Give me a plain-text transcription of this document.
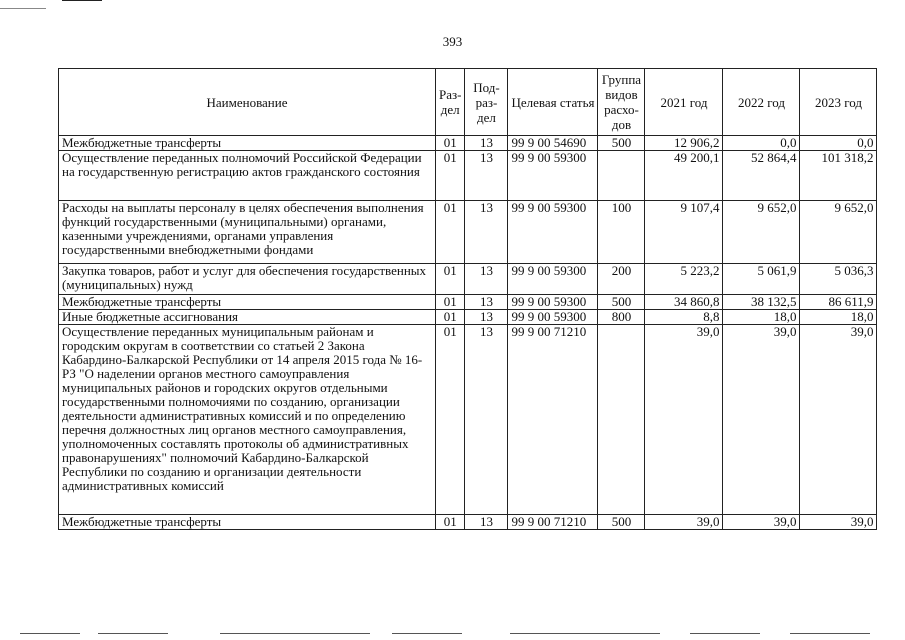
393
Наименование	Раз-дел	Под-раз-дел	Целевая статья	Группа видов расхо-дов	2021 год	2022 год	2023 год
Межбюджетные трансферты	01	13	99 9 00 54690	500	12 906,2	0,0	0,0
Осуществление переданных полномочий Российской Федерации на государственную регистрацию актов гражданского состояния	01	13	99 9 00 59300		49 200,1	52 864,4	101 318,2
Расходы на выплаты персоналу в целях обеспечения выполнения функций государственными (муниципальными) органами, казенными учреждениями, органами управления государственными внебюджетными фондами	01	13	99 9 00 59300	100	9 107,4	9 652,0	9 652,0
Закупка товаров, работ и услуг для обеспечения государственных (муниципальных) нужд	01	13	99 9 00 59300	200	5 223,2	5 061,9	5 036,3
Межбюджетные трансферты	01	13	99 9 00 59300	500	34 860,8	38 132,5	86 611,9
Иные бюджетные ассигнования	01	13	99 9 00 59300	800	8,8	18,0	18,0
Осуществление переданных муниципальным районам и городским округам в соответствии со статьей 2 Закона Кабардино-Балкарской Республики от 14 апреля 2015 года № 16-РЗ "О наделении органов местного самоуправления муниципальных районов и городских округов отдельными государственными полномочиями по созданию, организации деятельности административных комиссий и по определению перечня должностных лиц органов местного самоуправления, уполномоченных составлять протоколы об административных правонарушениях" полномочий Кабардино-Балкарской Республики по созданию и организации деятельности административных комиссий	01	13	99 9 00 71210		39,0	39,0	39,0
Межбюджетные трансферты	01	13	99 9 00 71210	500	39,0	39,0	39,0
